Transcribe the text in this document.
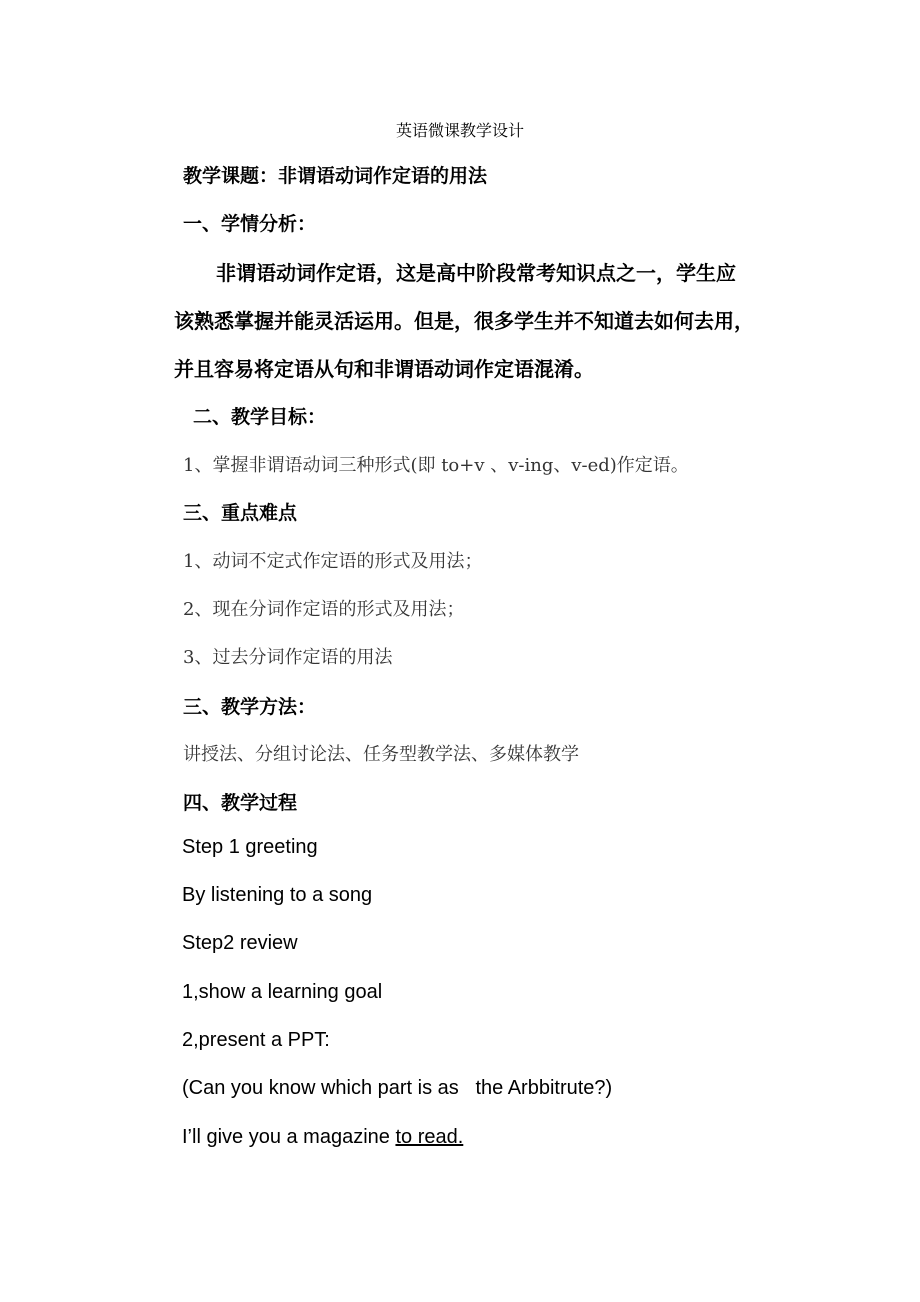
英语微课教学设计
教学课题：非谓语动词作定语的用法
一、学情分析：
非谓语动词作定语，这是高中阶段常考知识点之一，学生应
该熟悉掌握并能灵活运用。但是，很多学生并不知道去如何去用，
并且容易将定语从句和非谓语动词作定语混淆。
二、教学目标：
1、掌握非谓语动词三种形式(即 to+v 、v-ing、v-ed)作定语。
三、重点难点
1、动词不定式作定语的形式及用法；
2、现在分词作定语的形式及用法；
3、过去分词作定语的用法
三、教学方法：
讲授法、分组讨论法、任务型教学法、多媒体教学
四、教学过程
Step 1 greeting
By listening to a song
Step2 review
1,show a learning goal
2,present a PPT:
(Can you know which part is as   the Arbbitrute?)
I’ll give you a magazine to read.
